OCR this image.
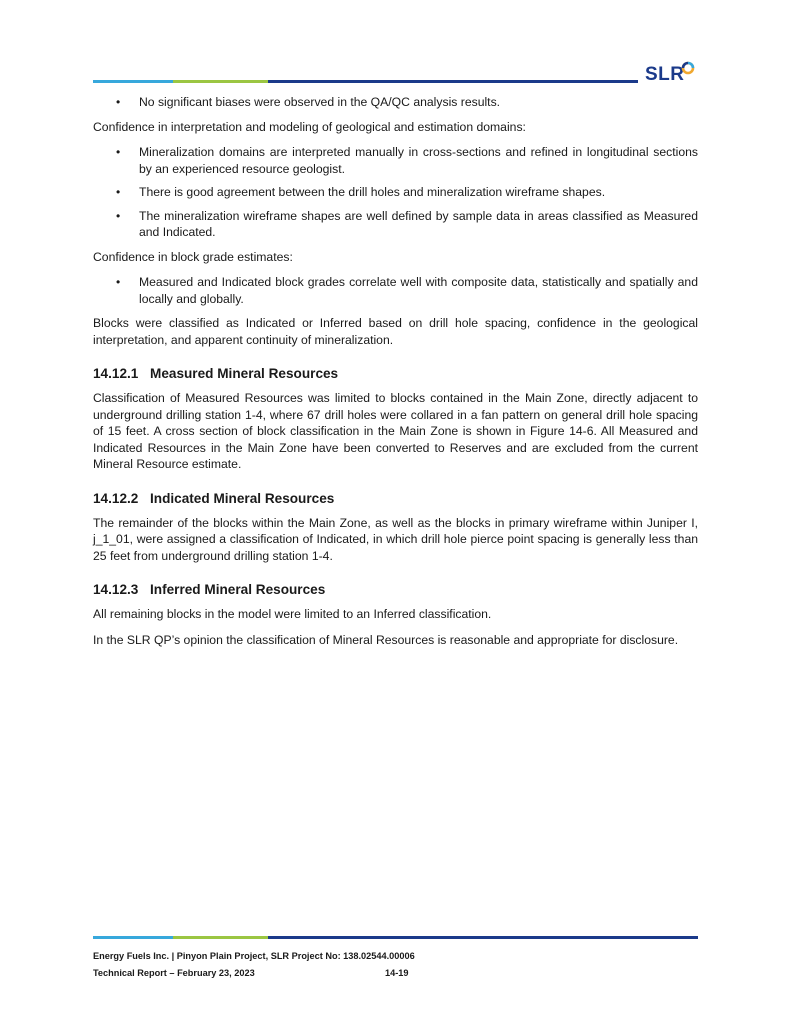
SLR
• No significant biases were observed in the QA/QC analysis results.

Confidence in interpretation and modeling of geological and estimation domains:

• Mineralization domains are interpreted manually in cross-sections and refined in longitudinal sections by an experienced resource geologist.
• There is good agreement between the drill holes and mineralization wireframe shapes.
• The mineralization wireframe shapes are well defined by sample data in areas classified as Measured and Indicated.

Confidence in block grade estimates:

• Measured and Indicated block grades correlate well with composite data, statistically and spatially and locally and globally.

Blocks were classified as Indicated or Inferred based on drill hole spacing, confidence in the geological interpretation, and apparent continuity of mineralization.

14.12.1 Measured Mineral Resources

Classification of Measured Resources was limited to blocks contained in the Main Zone, directly adjacent to underground drilling station 1-4, where 67 drill holes were collared in a fan pattern on general drill hole spacing of 15 feet. A cross section of block classification in the Main Zone is shown in Figure 14-6. All Measured and Indicated Resources in the Main Zone have been converted to Reserves and are excluded from the current Mineral Resource estimate.

14.12.2 Indicated Mineral Resources

The remainder of the blocks within the Main Zone, as well as the blocks in primary wireframe within Juniper I, j_1_01, were assigned a classification of Indicated, in which drill hole pierce point spacing is generally less than 25 feet from underground drilling station 1-4.

14.12.3 Inferred Mineral Resources

All remaining blocks in the model were limited to an Inferred classification.

In the SLR QP’s opinion the classification of Mineral Resources is reasonable and appropriate for disclosure.

Energy Fuels Inc. | Pinyon Plain Project, SLR Project No: 138.02544.00006
Technical Report – February 23, 2023	14-19
